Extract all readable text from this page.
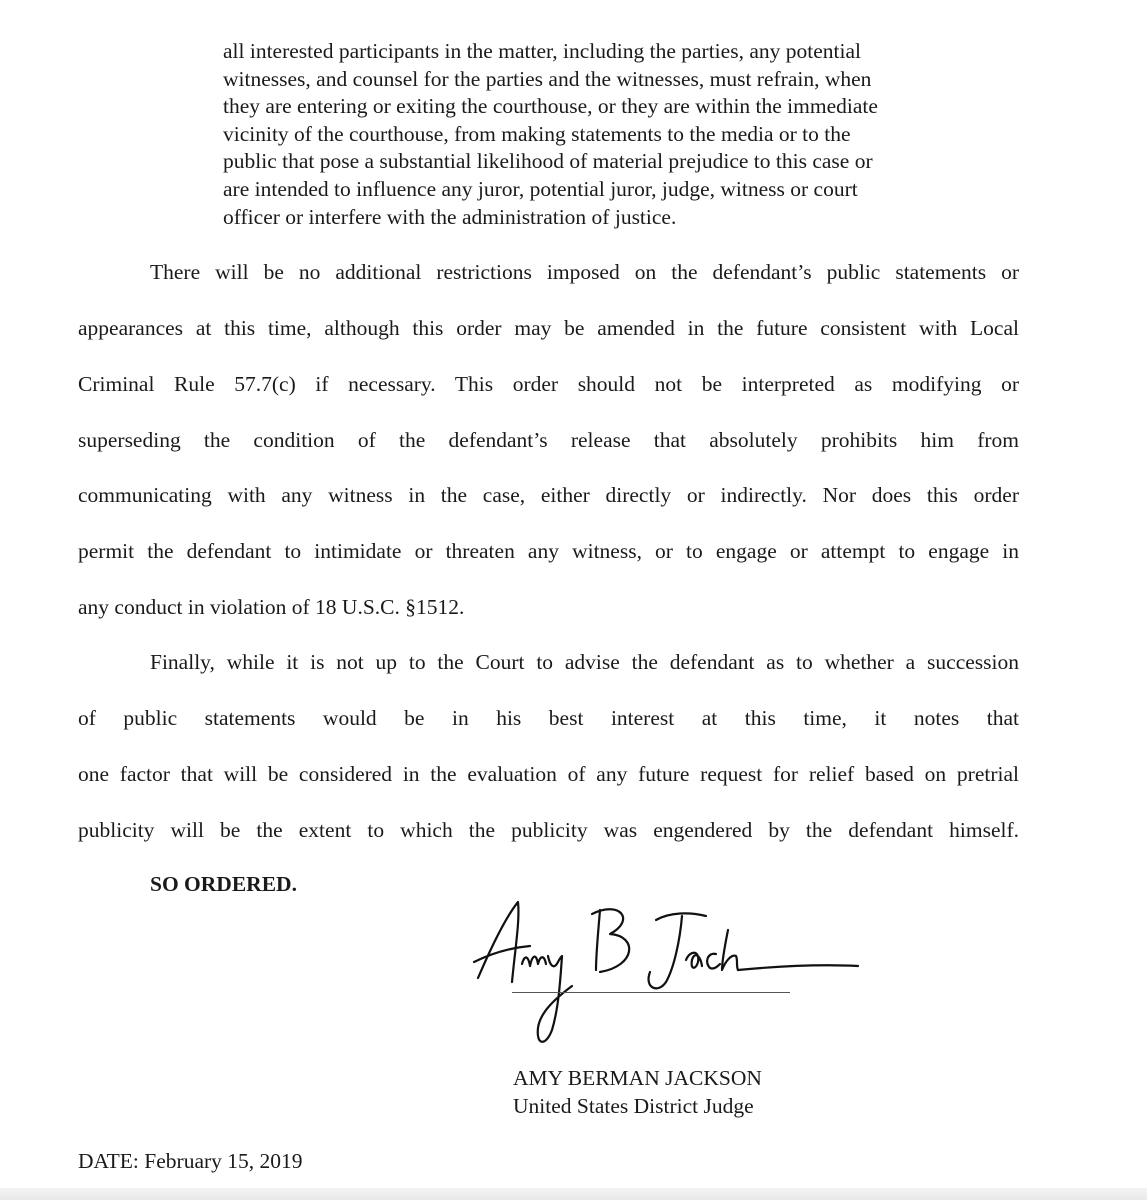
all interested participants in the matter, including the parties, any potential
witnesses, and counsel for the parties and the witnesses, must refrain, when
they are entering or exiting the courthouse, or they are within the immediate
vicinity of the courthouse, from making statements to the media or to the
public that pose a substantial likelihood of material prejudice to this case or
are intended to influence any juror, potential juror, judge, witness or court
officer or interfere with the administration of justice.
There will be no additional restrictions imposed on the defendant’s public statements or
appearances at this time, although this order may be amended in the future consistent with Local
Criminal Rule 57.7(c) if necessary. This order should not be interpreted as modifying or
superseding the condition of the defendant’s release that absolutely prohibits him from
communicating with any witness in the case, either directly or indirectly. Nor does this order
permit the defendant to intimidate or threaten any witness, or to engage or attempt to engage in
any conduct in violation of 18 U.S.C. §1512.
Finally, while it is not up to the Court to advise the defendant as to whether a succession
of public statements would be in his best interest at this time, it notes that
one factor that will be considered in the evaluation of any future request for relief based on pretrial
publicity will be the extent to which the publicity was engendered by the defendant himself.
SO ORDERED.
AMY BERMAN JACKSON
United States District Judge
DATE: February 15, 2019
